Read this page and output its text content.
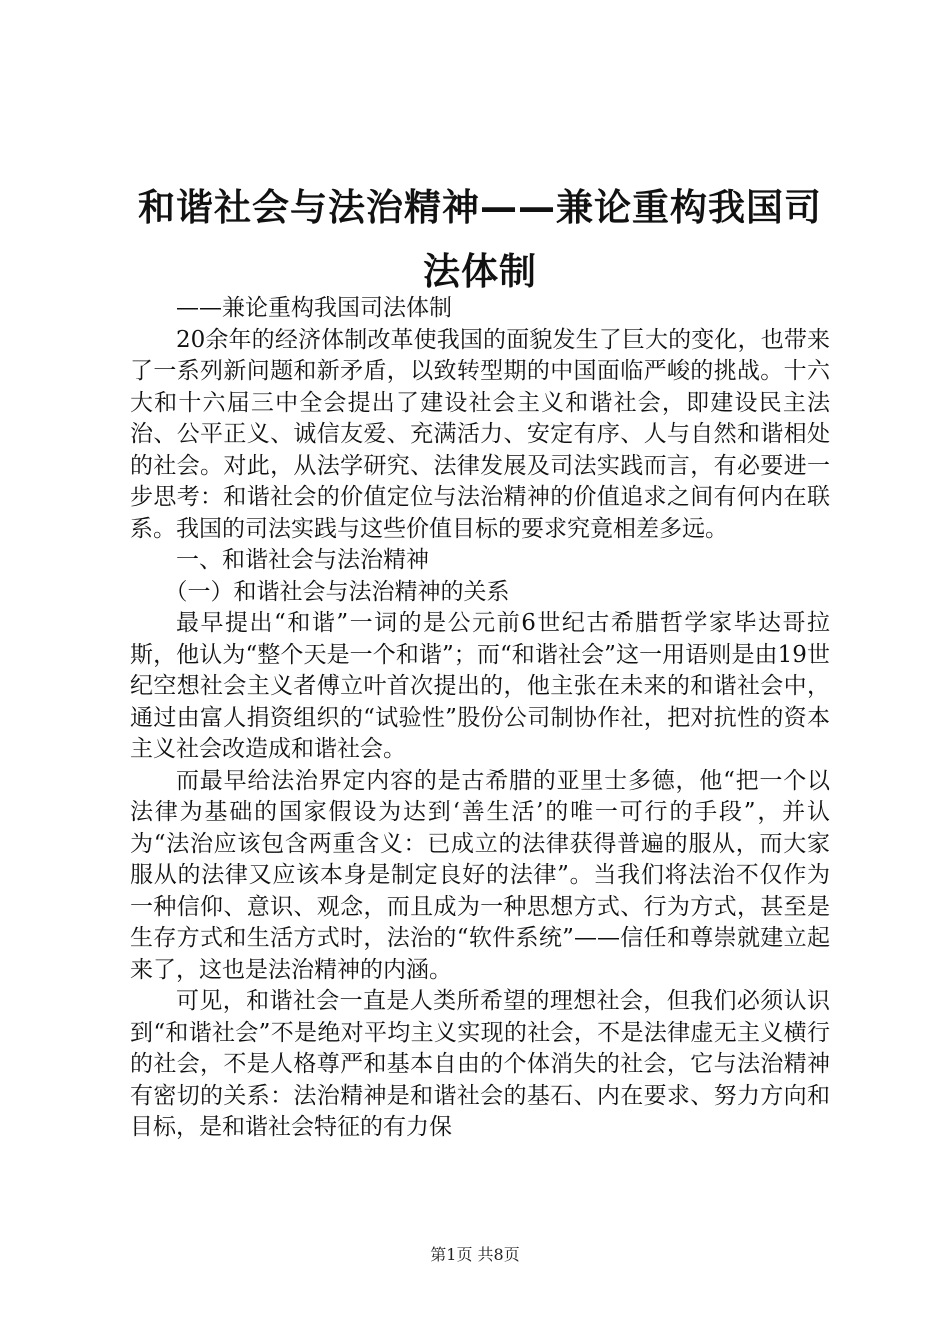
和谐社会与法治精神——兼论重构我国司法体制

——兼论重构我国司法体制

20余年的经济体制改革使我国的面貌发生了巨大的变化，也带来了一系列新问题和新矛盾，以致转型期的中国面临严峻的挑战。十六大和十六届三中全会提出了建设社会主义和谐社会，即建设民主法治、公平正义、诚信友爱、充满活力、安定有序、人与自然和谐相处的社会。对此，从法学研究、法律发展及司法实践而言，有必要进一步思考：和谐社会的价值定位与法治精神的价值追求之间有何内在联系。我国的司法实践与这些价值目标的要求究竟相差多远。

一、和谐社会与法治精神

（一）和谐社会与法治精神的关系

最早提出“和谐”一词的是公元前6世纪古希腊哲学家毕达哥拉斯，他认为“整个天是一个和谐”；而“和谐社会”这一用语则是由19世纪空想社会主义者傅立叶首次提出的，他主张在未来的和谐社会中，通过由富人捐资组织的“试验性”股份公司制协作社，把对抗性的资本主义社会改造成和谐社会。

而最早给法治界定内容的是古希腊的亚里士多德，他“把一个以法律为基础的国家假设为达到‘善生活’的唯一可行的手段”，并认为“法治应该包含两重含义：已成立的法律获得普遍的服从，而大家服从的法律又应该本身是制定良好的法律”。当我们将法治不仅作为一种信仰、意识、观念，而且成为一种思想方式、行为方式，甚至是生存方式和生活方式时，法治的“软件系统”——信任和尊崇就建立起来了，这也是法治精神的内涵。

可见，和谐社会一直是人类所希望的理想社会，但我们必须认识到“和谐社会”不是绝对平均主义实现的社会，不是法律虚无主义横行的社会，不是人格尊严和基本自由的个体消失的社会，它与法治精神有密切的关系：法治精神是和谐社会的基石、内在要求、努力方向和目标，是和谐社会特征的有力保

第1页 共8页
